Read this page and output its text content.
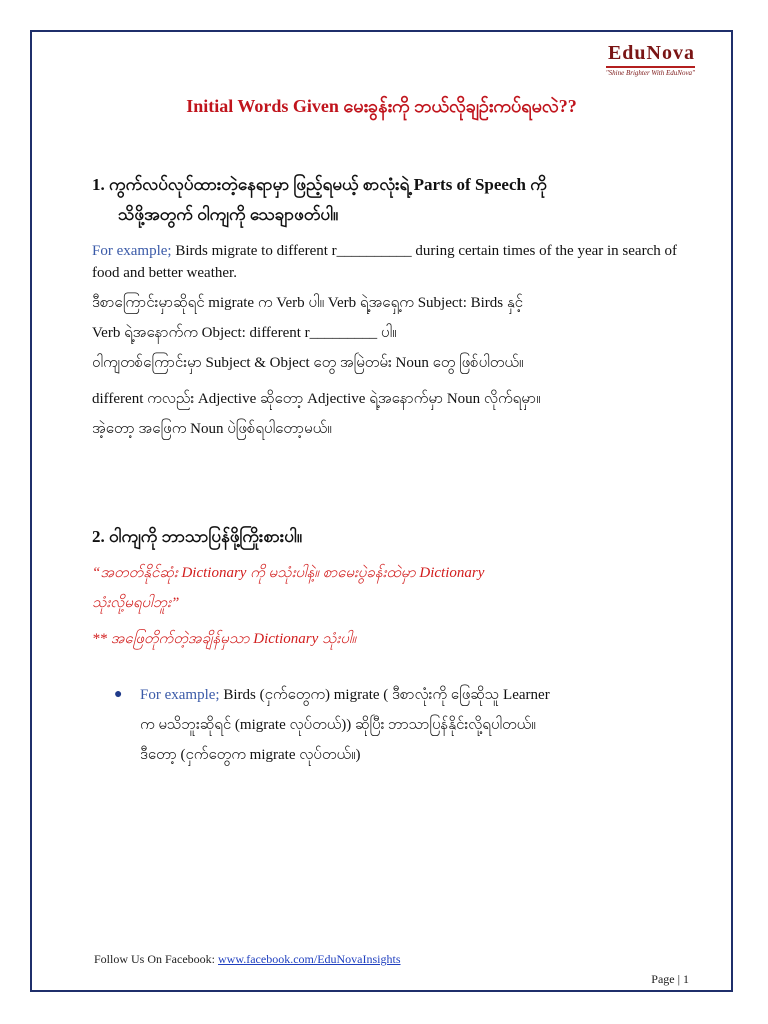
EduNova
"Shine Brighter With EduNova"
Initial Words Given မေးခွန်းကို ဘယ်လိုချဉ်းကပ်ရမလဲ??
1. ကွက်လပ်လုပ်ထားတဲ့နေရာမှာ ဖြည့်ရမယ့် စာလုံးရဲ့ Parts of Speech ကို
သိဖို့အတွက် ဝါကျကို သေချာဖတ်ပါ။
For example; Birds migrate to different r__________ during certain times of the year in search of food and better weather.
ဒီစာကြောင်းမှာဆိုရင် migrate က Verb ပါ။ Verb ရဲ့အရှေ့က Subject: Birds နှင့်
Verb ရဲ့အနောက်က Object: different r_________ ပါ။
ဝါကျတစ်ကြောင်းမှာ Subject & Object တွေ အမြဲတမ်း Noun တွေ ဖြစ်ပါတယ်။
different ကလည်း Adjective ဆိုတော့ Adjective ရဲ့အနောက်မှာ Noun လိုက်ရမှာ။
အဲ့တော့ အဖြေက Noun ပဲဖြစ်ရပါတော့မယ်။
2. ဝါကျကို ဘာသာပြန်ဖို့ကြိုးစားပါ။
“အတတ်နိုင်ဆုံး Dictionary ကို မသုံးပါနဲ့။ စာမေးပွဲခန်းထဲမှာ Dictionary
သုံးလို့မရပါဘူး”
** အဖြေတိုက်တဲ့အချိန်မှသာ Dictionary သုံးပါ။
●	For example; Birds (ငှက်တွေက) migrate ( ဒီစာလုံးကို ဖြေဆိုသူ Learner
က မသိဘူးဆိုရင် (migrate လုပ်တယ်)) ဆိုပြီး ဘာသာပြန်နိုင်းလို့ရပါတယ်။
ဒီတော့ (ငှက်တွေက migrate လုပ်တယ်။)
Follow Us On Facebook: www.facebook.com/EduNovaInsights
Page | 1
